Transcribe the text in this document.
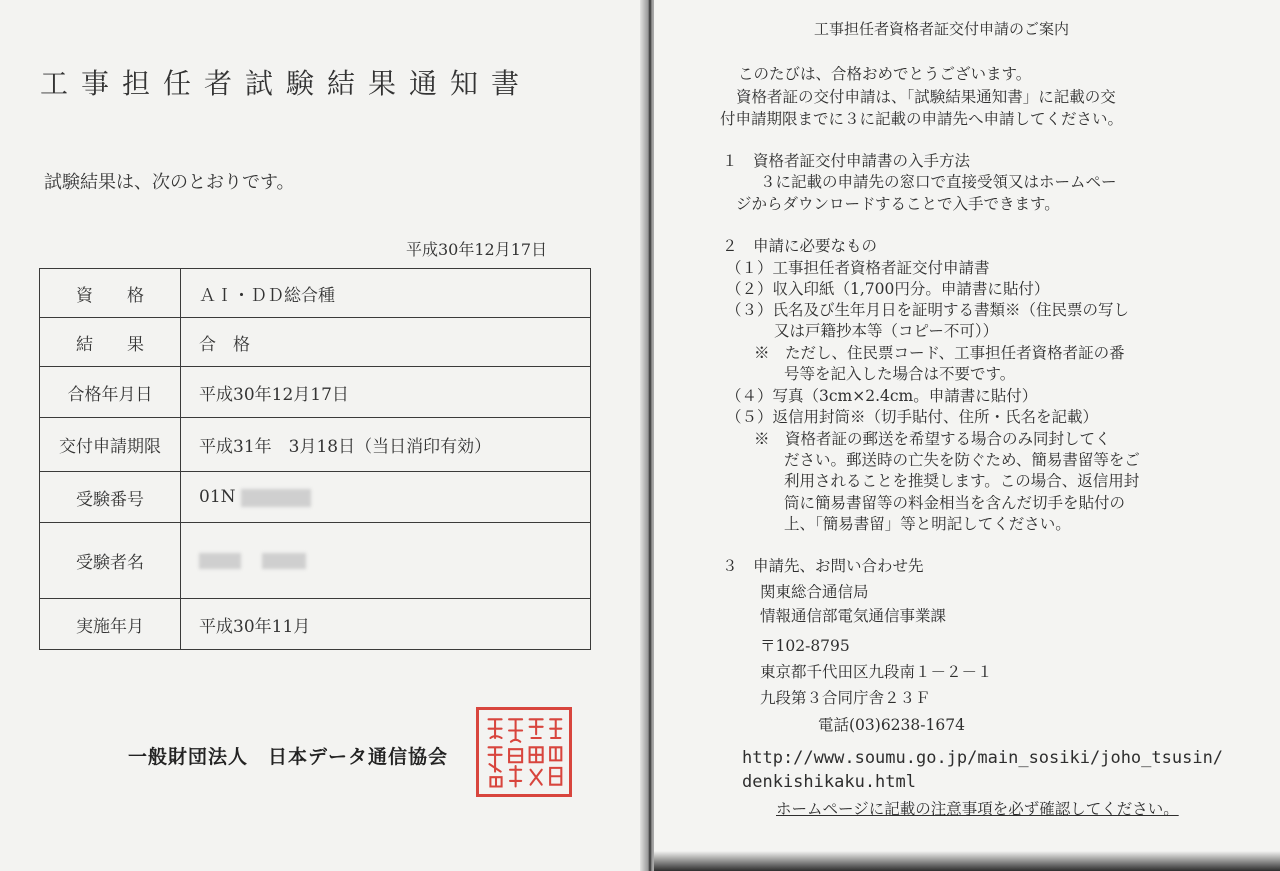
工事担任者試験結果通知書
試験結果は、次のとおりです。
平成30年12月17日
資　　格	ＡＩ・ＤＤ総合種
結　　果	合　格
合格年月日	平成30年12月17日
交付申請期限	平成31年　3月18日（当日消印有効）
受験番号	01N
受験者名	
実施年月	平成30年11月
一般財団法人　日本データ通信協会
工事担任者資格者証交付申請のご案内
このたびは、合格おめでとうございます。
資格者証の交付申請は、「試験結果通知書」に記載の交
付申請期限までに３に記載の申請先へ申請してください。
１　資格者証交付申請書の入手方法
３に記載の申請先の窓口で直接受領又はホームペー
ジからダウンロードすることで入手できます。
２　申請に必要なもの
（１）工事担任者資格者証交付申請書
（２）収入印紙（1,700円分。申請書に貼付）
（３）氏名及び生年月日を証明する書類※（住民票の写し
又は戸籍抄本等（コピー不可））
※　ただし、住民票コード、工事担任者資格者証の番
号等を記入した場合は不要です。
（４）写真（3cm×2.4cm。申請書に貼付）
（５）返信用封筒※（切手貼付、住所・氏名を記載）
※　資格者証の郵送を希望する場合のみ同封してく
ださい。郵送時の亡失を防ぐため、簡易書留等をご
利用されることを推奨します。この場合、返信用封
筒に簡易書留等の料金相当を含んだ切手を貼付の
上、「簡易書留」等と明記してください。
３　申請先、お問い合わせ先
関東総合通信局
情報通信部電気通信事業課
〒102-8795
東京都千代田区九段南１－２－１
九段第３合同庁舎２３Ｆ
電話(03)6238-1674
http://www.soumu.go.jp/main_sosiki/joho_tsusin/
denkishikaku.html
ホームページに記載の注意事項を必ず確認してください。
